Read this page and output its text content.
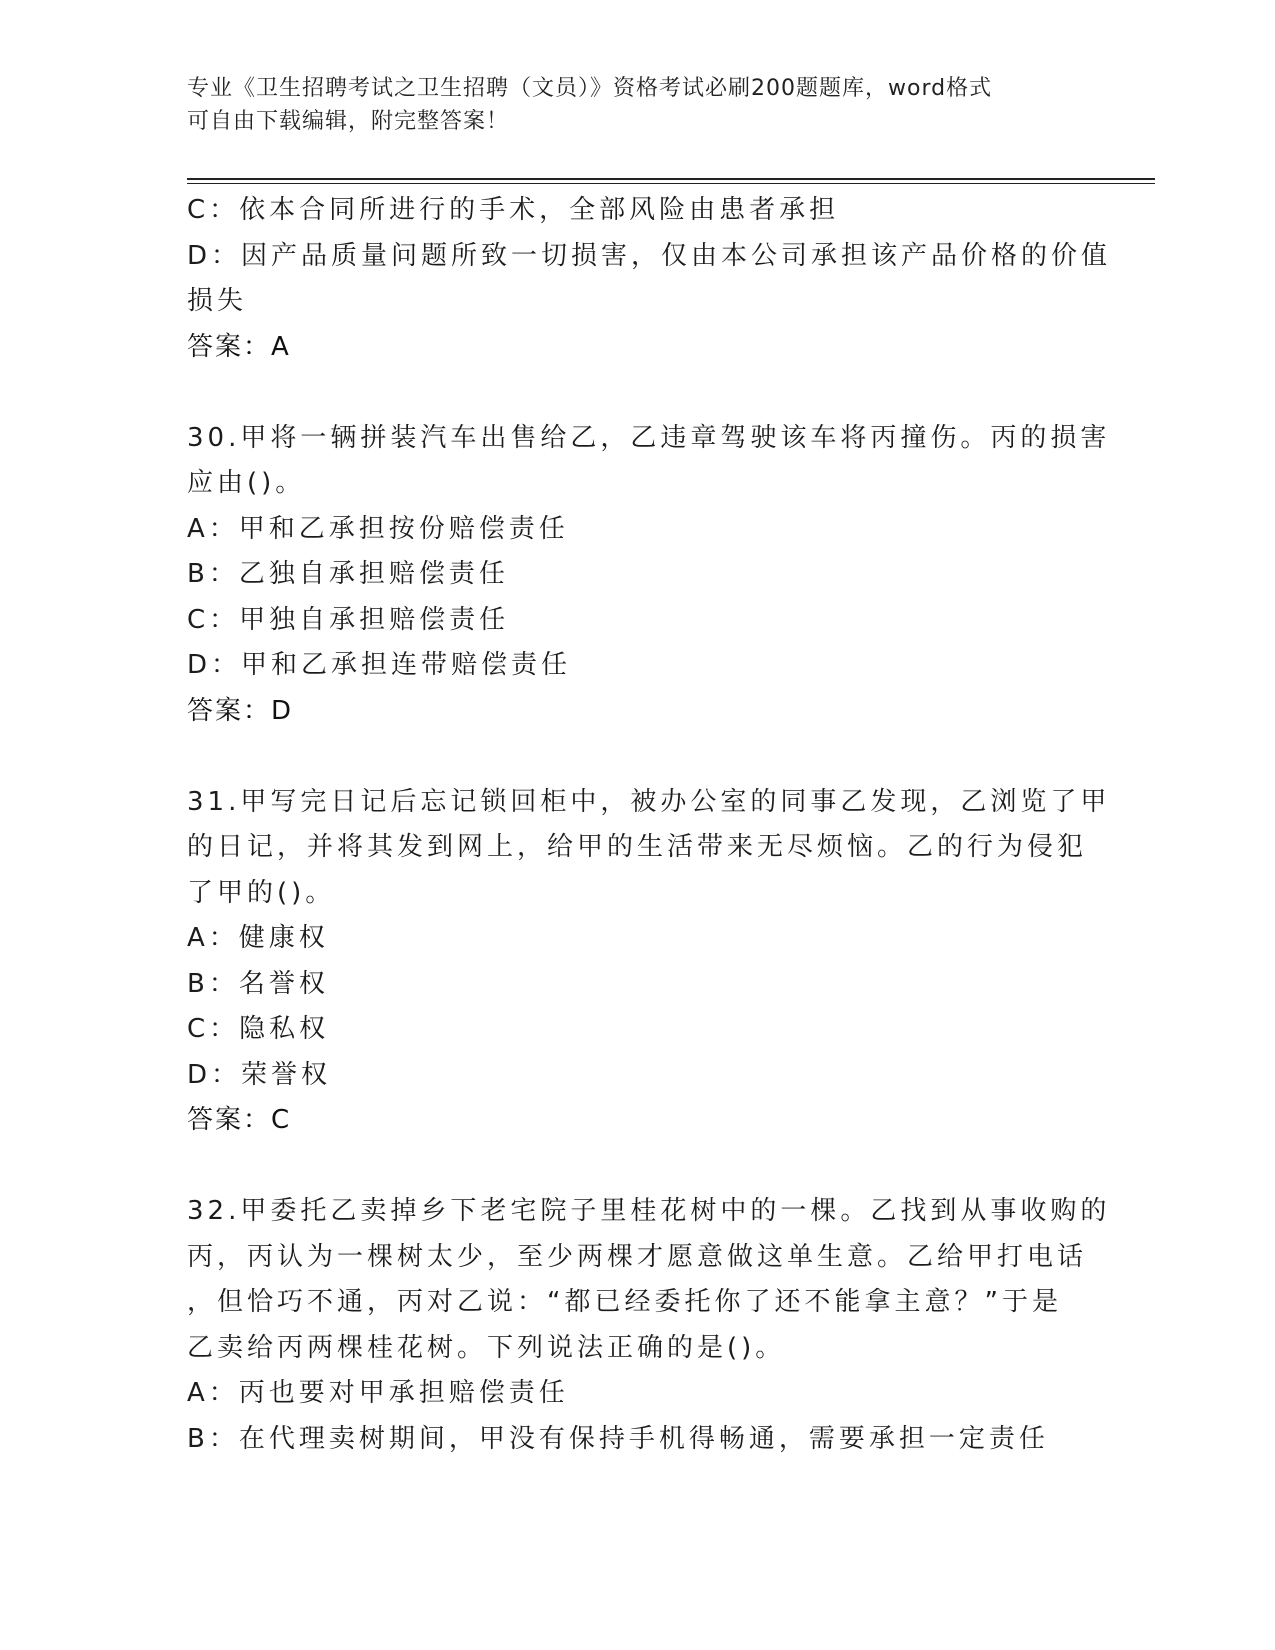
专业《卫生招聘考试之卫生招聘（文员）》资格考试必刷200题题库，word格式
可自由下载编辑，附完整答案！
C：依本合同所进行的手术，全部风险由患者承担
D：因产品质量问题所致一切损害，仅由本公司承担该产品价格的价值
损失
答案：A
30.甲将一辆拼装汽车出售给乙，乙违章驾驶该车将丙撞伤。丙的损害
应由()。
A：甲和乙承担按份赔偿责任
B：乙独自承担赔偿责任
C：甲独自承担赔偿责任
D：甲和乙承担连带赔偿责任
答案：D
31.甲写完日记后忘记锁回柜中，被办公室的同事乙发现，乙浏览了甲
的日记，并将其发到网上，给甲的生活带来无尽烦恼。乙的行为侵犯
了甲的()。
A：健康权
B：名誉权
C：隐私权
D：荣誉权
答案：C
32.甲委托乙卖掉乡下老宅院子里桂花树中的一棵。乙找到从事收购的
丙，丙认为一棵树太少，至少两棵才愿意做这单生意。乙给甲打电话
，但恰巧不通，丙对乙说：“都已经委托你了还不能拿主意？”于是
乙卖给丙两棵桂花树。下列说法正确的是()。
A：丙也要对甲承担赔偿责任
B：在代理卖树期间，甲没有保持手机得畅通，需要承担一定责任
